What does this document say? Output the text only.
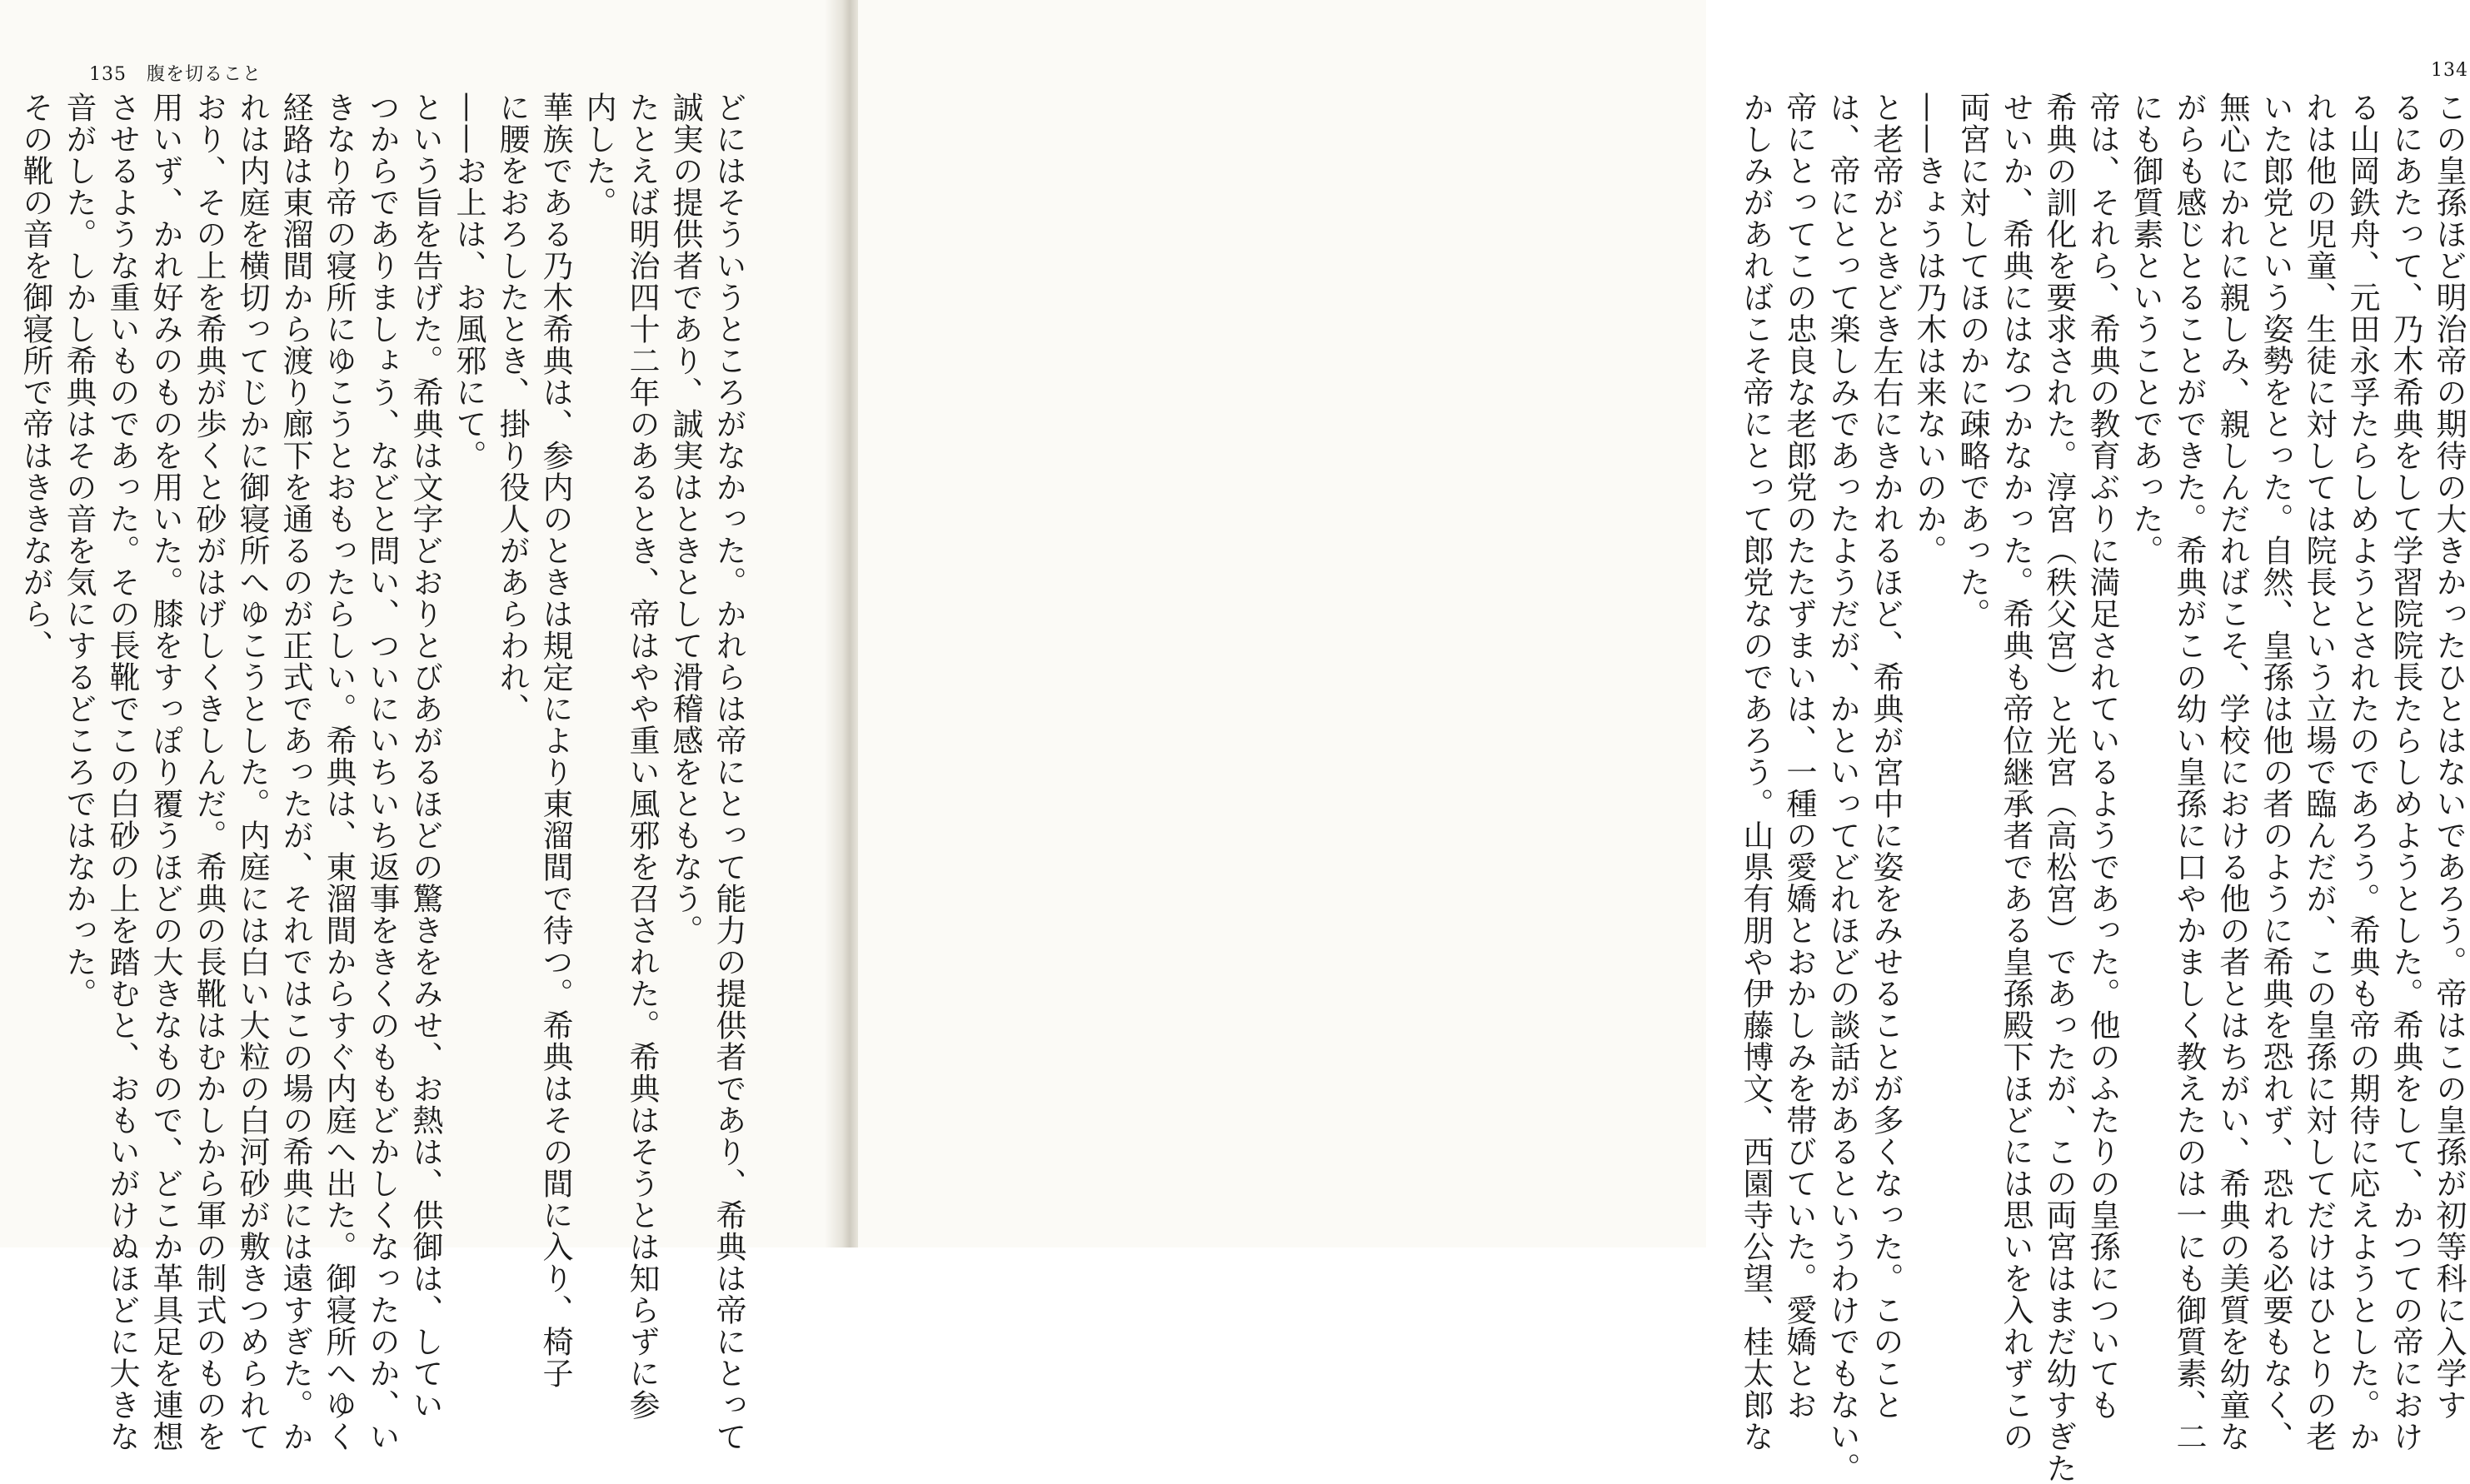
135 腹を切ること
どにはそういうところがなかった。かれらは帝にとって能力の提供者であり、希典は帝にとって
誠実の提供者であり、誠実はときとして滑稽感をともなう。
たとえば明治四十二年のあるとき、帝はやや重い風邪を召された。希典はそうとは知らずに参
内した。
華族である乃木希典は、参内のときは規定により東溜間で待つ。希典はその間に入り、椅子
に腰をおろしたとき、掛り役人があらわれ、
——お上は、お風邪にて。
という旨を告げた。希典は文字どおりとびあがるほどの驚きをみせ、お熱は、供御は、してい
つからでありましょう、などと問い、ついにいちいち返事をきくのももどかしくなったのか、い
きなり帝の寝所にゆこうとおもったらしい。希典は、東溜間からすぐ内庭へ出た。御寝所へゆく
経路は東溜間から渡り廊下を通るのが正式であったが、それではこの場の希典には遠すぎた。か
れは内庭を横切ってじかに御寝所へゆこうとした。内庭には白い大粒の白河砂が敷きつめられて
おり、その上を希典が歩くと砂がはげしくきしんだ。希典の長靴はむかしから軍の制式のものを
用いず、かれ好みのものを用いた。膝をすっぽり覆うほどの大きなもので、どこか革具足を連想
させるような重いものであった。その長靴でこの白砂の上を踏むと、おもいがけぬほどに大きな
音がした。しかし希典はその音を気にするどころではなかった。
その靴の音を御寝所で帝はききながら、
134
この皇孫ほど明治帝の期待の大きかったひとはないであろう。帝はこの皇孫が初等科に入学す
るにあたって、乃木希典をして学習院院長たらしめようとした。希典をして、かつての帝におけ
る山岡鉄舟、元田永孚たらしめようとされたのであろう。希典も帝の期待に応えようとした。か
れは他の児童、生徒に対しては院長という立場で臨んだが、この皇孫に対してだけはひとりの老
いた郎党という姿勢をとった。自然、皇孫は他の者のように希典を恐れず、恐れる必要もなく、
無心にかれに親しみ、親しんだればこそ、学校における他の者とはちがい、希典の美質を幼童な
がらも感じとることができた。希典がこの幼い皇孫に口やかましく教えたのは一にも御質素、二
にも御質素ということであった。
帝は、それら、希典の教育ぶりに満足されているようであった。他のふたりの皇孫についても
希典の訓化を要求された。淳宮（秩父宮）と光宮（高松宮）であったが、この両宮はまだ幼すぎた
せいか、希典にはなつかなかった。希典も帝位継承者である皇孫殿下ほどには思いを入れずこの
両宮に対してほのかに疎略であった。
——きょうは乃木は来ないのか。
と老帝がときどき左右にきかれるほど、希典が宮中に姿をみせることが多くなった。このこと
は、帝にとって楽しみであったようだが、かといってどれほどの談話があるというわけでもない。
帝にとってこの忠良な老郎党のたたずまいは、一種の愛嬌とおかしみを帯びていた。愛嬌とお
かしみがあればこそ帝にとって郎党なのであろう。山県有朋や伊藤博文、西園寺公望、桂太郎な
